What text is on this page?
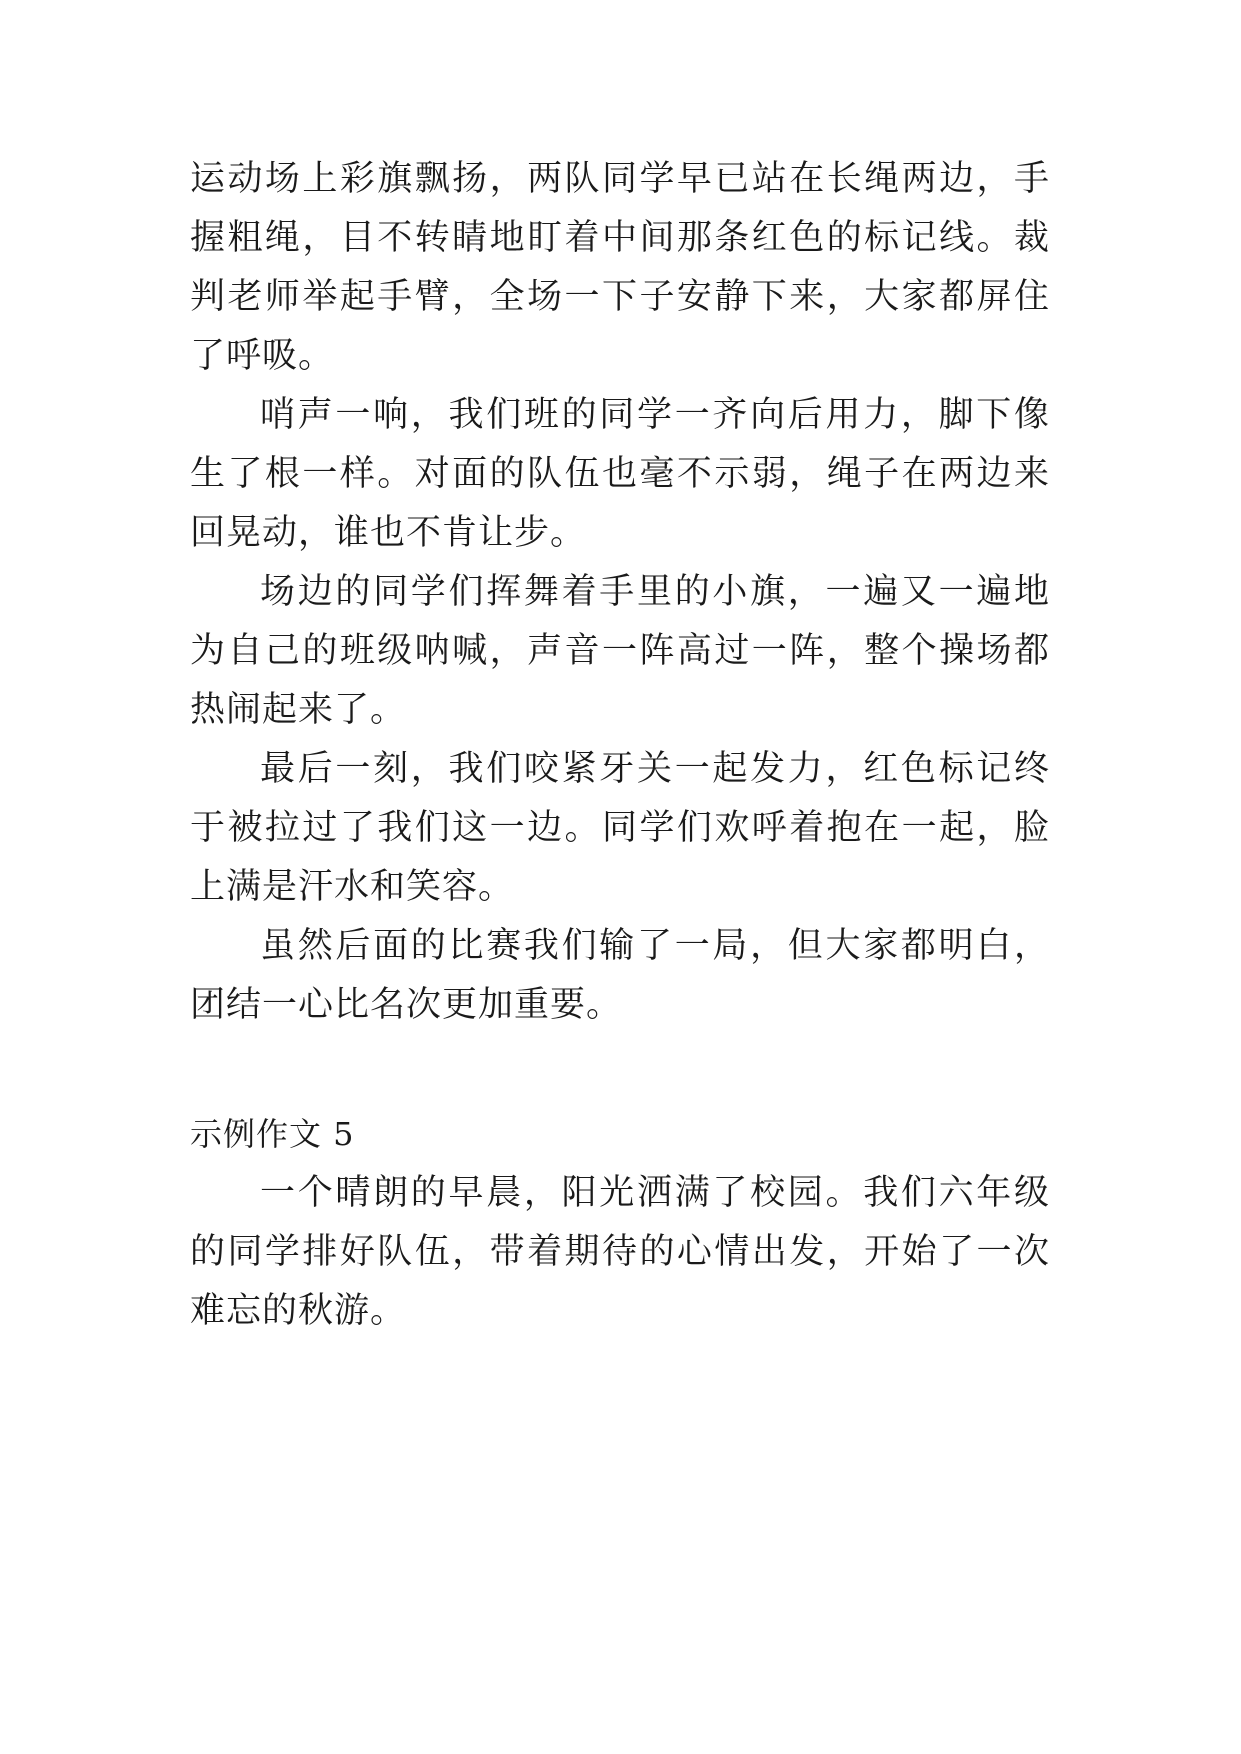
运动场上彩旗飘扬，两队同学早已站在长绳两边，手握粗绳，目不转睛地盯着中间那条红色的标记线。裁判老师举起手臂，全场一下子安静下来，大家都屏住了呼吸。

哨声一响，我们班的同学一齐向后用力，脚下像生了根一样。对面的队伍也毫不示弱，绳子在两边来回晃动，谁也不肯让步。

场边的同学们挥舞着手里的小旗，一遍又一遍地为自己的班级呐喊，声音一阵高过一阵，整个操场都热闹起来了。

最后一刻，我们咬紧牙关一起发力，红色标记终于被拉过了我们这一边。同学们欢呼着抱在一起，脸上满是汗水和笑容。

虽然后面的比赛我们输了一局，但大家都明白，团结一心比名次更加重要。

示例作文 5

一个晴朗的早晨，阳光洒满了校园。我们六年级的同学排好队伍，带着期待的心情出发，开始了一次难忘的秋游。
